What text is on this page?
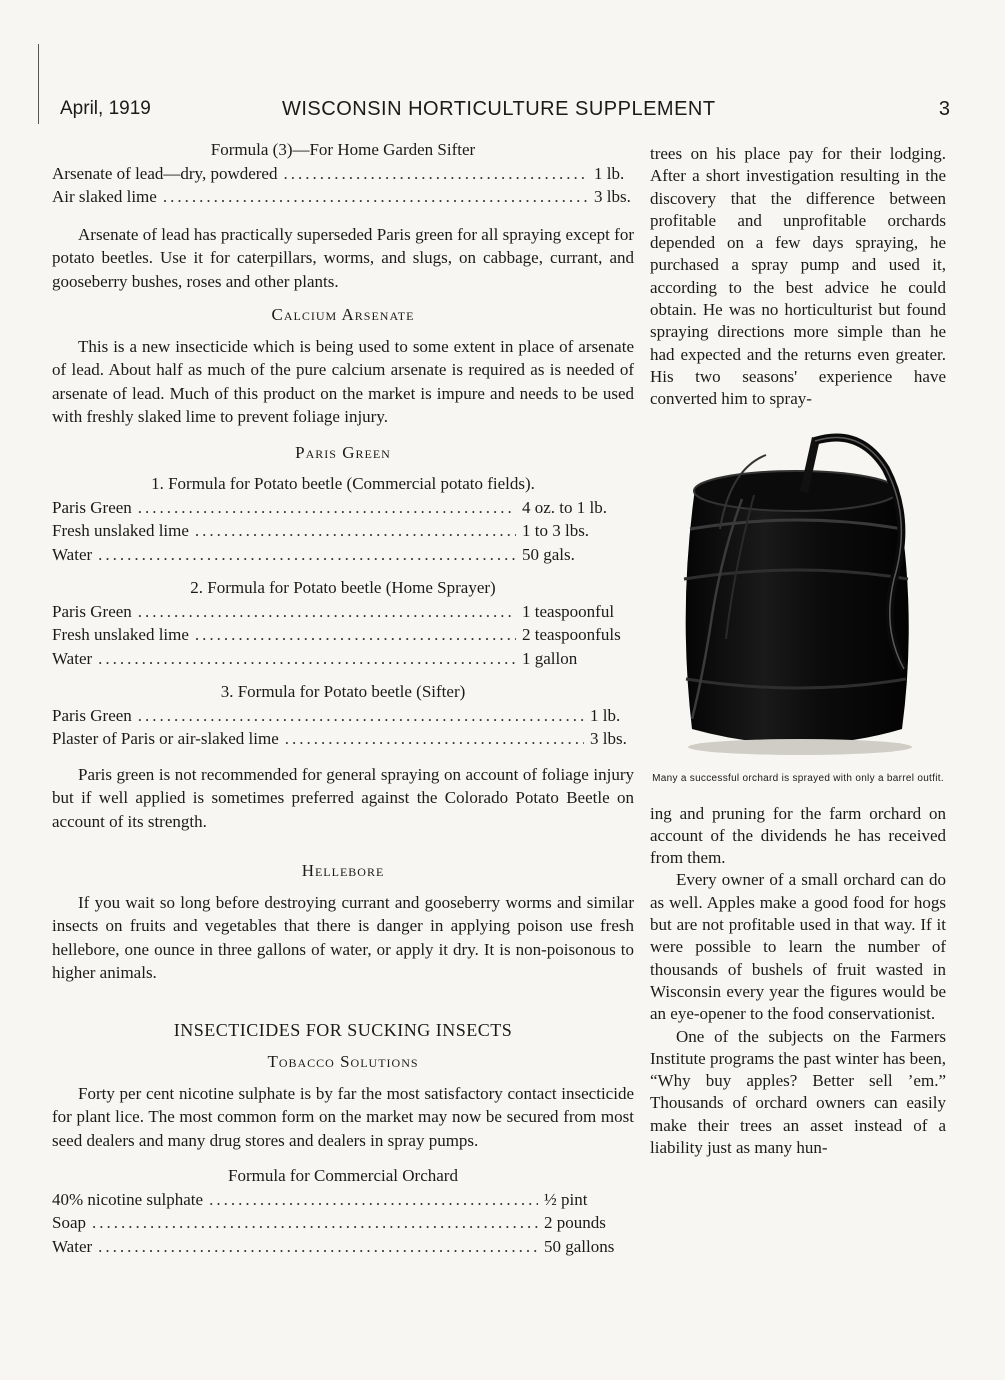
April, 1919	WISCONSIN HORTICULTURE SUPPLEMENT	3
Formula (3)—For Home Garden Sifter
Arsenate of lead—dry, powdered .....	1 lb.
Air slaked lime .....	3 lbs.

Arsenate of lead has practically superseded Paris green for all spraying except for potato beetles. Use it for caterpillars, worms, and slugs, on cabbage, currant, and gooseberry bushes, roses and other plants.

Calcium Arsenate

This is a new insecticide which is being used to some extent in place of arsenate of lead. About half as much of the pure calcium arsenate is required as is needed of arsenate of lead. Much of this product on the market is impure and needs to be used with freshly slaked lime to prevent foliage injury.

Paris Green
1. Formula for Potato beetle (Commercial potato fields).
Paris Green .....	4 oz. to 1 lb.
Fresh unslaked lime .....	1 to 3 lbs.
Water .....	50 gals.
2. Formula for Potato beetle (Home Sprayer)
Paris Green .....	1 teaspoonful
Fresh unslaked lime .....	2 teaspoonfuls
Water .....	1 gallon
3. Formula for Potato beetle (Sifter)
Paris Green .....	1 lb.
Plaster of Paris or air-slaked lime .....	3 lbs.

Paris green is not recommended for general spraying on account of foliage injury but if well applied is sometimes preferred against the Colorado Potato Beetle on account of its strength.

Hellebore

If you wait so long before destroying currant and gooseberry worms and similar insects on fruits and vegetables that there is danger in applying poison use fresh hellebore, one ounce in three gallons of water, or apply it dry. It is non-poisonous to higher animals.

INSECTICIDES FOR SUCKING INSECTS
Tobacco Solutions

Forty per cent nicotine sulphate is by far the most satisfactory contact insecticide for plant lice. The most common form on the market may now be secured from most seed dealers and many drug stores and dealers in spray pumps.

Formula for Commercial Orchard
40% nicotine sulphate .....	½ pint
Soap .....	2 pounds
Water .....	50 gallons

trees on his place pay for their lodging. After a short investigation resulting in the discovery that the difference between profitable and unprofitable orchards depended on a few days spraying, he purchased a spray pump and used it, according to the best advice he could obtain. He was no horticulturist but found spraying directions more simple than he had expected and the returns even greater. His two seasons' experience have converted him to spray-

Many a successful orchard is sprayed with only a barrel outfit.

ing and pruning for the farm orchard on account of the dividends he has received from them.

Every owner of a small orchard can do as well. Apples make a good food for hogs but are not profitable used in that way. If it were possible to learn the number of thousands of bushels of fruit wasted in Wisconsin every year the figures would be an eye-opener to the food conservationist.

One of the subjects on the Farmers Institute programs the past winter has been, “Why buy apples? Better sell ’em.” Thousands of orchard owners can easily make their trees an asset instead of a liability just as many hun-
